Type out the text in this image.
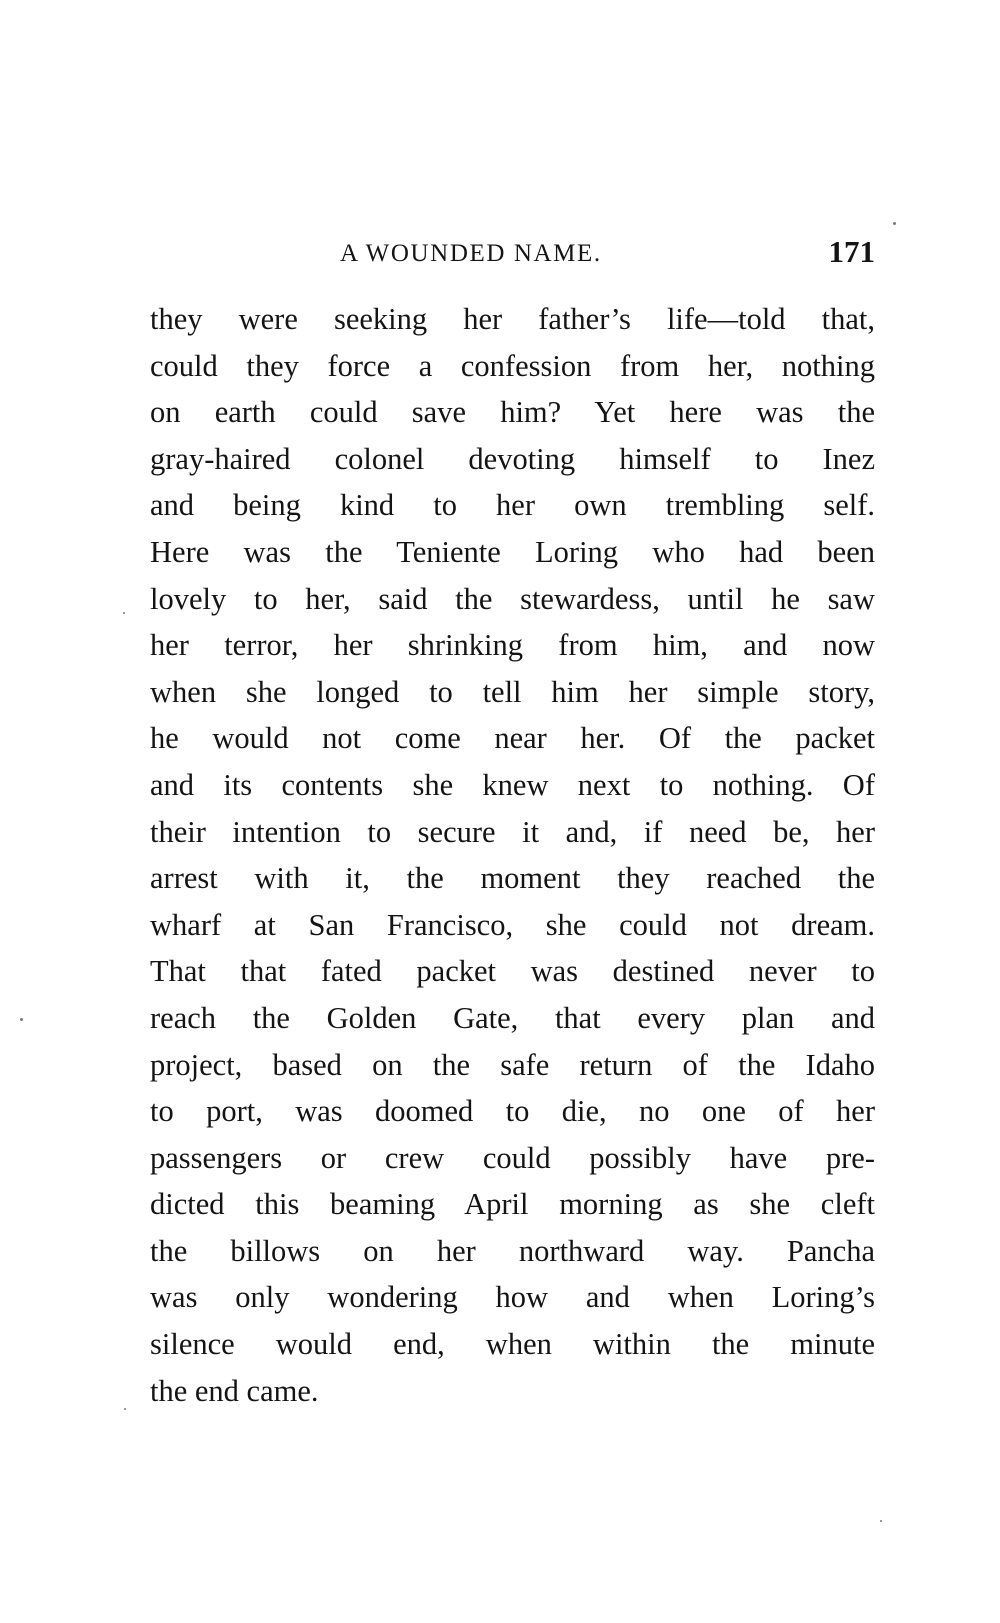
A WOUNDED NAME.	171
they were seeking her father’s life—told that,
could they force a confession from her, nothing
on earth could save him? Yet here was the
gray-haired colonel devoting himself to Inez
and being kind to her own trembling self.
Here was the Teniente Loring who had been
lovely to her, said the stewardess, until he saw
her terror, her shrinking from him, and now
when she longed to tell him her simple story,
he would not come near her. Of the packet
and its contents she knew next to nothing. Of
their intention to secure it and, if need be, her
arrest with it, the moment they reached the
wharf at San Francisco, she could not dream.
That that fated packet was destined never to
reach the Golden Gate, that every plan and
project, based on the safe return of the Idaho
to port, was doomed to die, no one of her
passengers or crew could possibly have pre-
dicted this beaming April morning as she cleft
the billows on her northward way. Pancha
was only wondering how and when Loring’s
silence would end, when within the minute
the end came.
